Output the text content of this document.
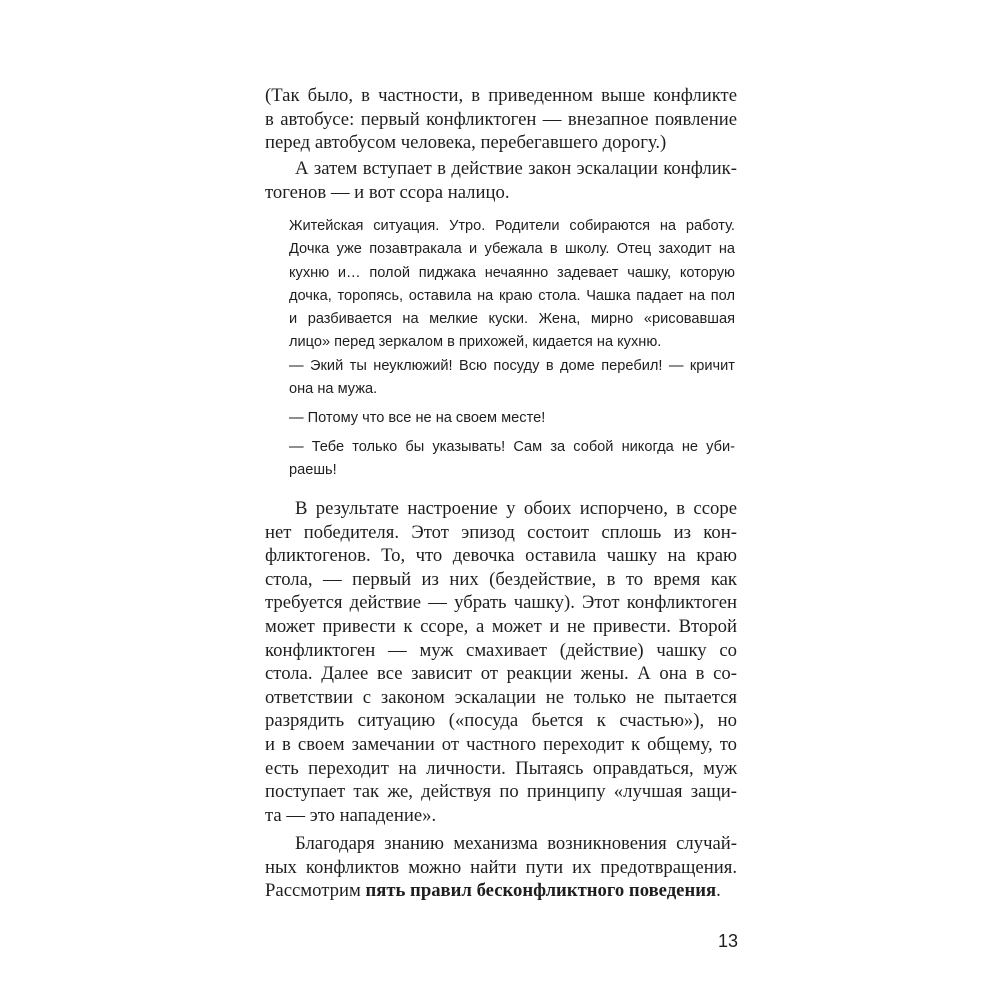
(Так было, в частности, в приведенном выше конфликте
в автобусе: первый конфликтоген — внезапное появление
перед автобусом человека, перебегавшего дорогу.)
А затем вступает в действие закон эскалации конфлик-
тогенов — и вот ссора налицо.
Житейская ситуация. Утро. Родители собираются на работу.
Дочка уже позавтракала и убежала в школу. Отец заходит на
кухню и… полой пиджака нечаянно задевает чашку, которую
дочка, торопясь, оставила на краю стола. Чашка падает на пол
и разбивается на мелкие куски. Жена, мирно «рисовавшая
лицо» перед зеркалом в прихожей, кидается на кухню.
— Экий ты неуклюжий! Всю посуду в доме перебил! — кричит
она на мужа.
— Потому что все не на своем месте!
— Тебе только бы указывать! Сам за собой никогда не уби-
раешь!
В результате настроение у обоих испорчено, в ссоре
нет победителя. Этот эпизод состоит сплошь из кон-
фликтогенов. То, что девочка оставила чашку на краю
стола, — первый из них (бездействие, в то время как
требуется действие — убрать чашку). Этот конфликтоген
может привести к ссоре, а может и не привести. Второй
конфликтоген — муж смахивает (действие) чашку со
стола. Далее все зависит от реакции жены. А она в со-
ответствии с законом эскалации не только не пытается
разрядить ситуацию («посуда бьется к счастью»), но
и в своем замечании от частного переходит к общему, то
есть переходит на личности. Пытаясь оправдаться, муж
поступает так же, действуя по принципу «лучшая защи-
та — это нападение».
Благодаря знанию механизма возникновения случай-
ных конфликтов можно найти пути их предотвращения.
Рассмотрим пять правил бесконфликтного поведения.
13
